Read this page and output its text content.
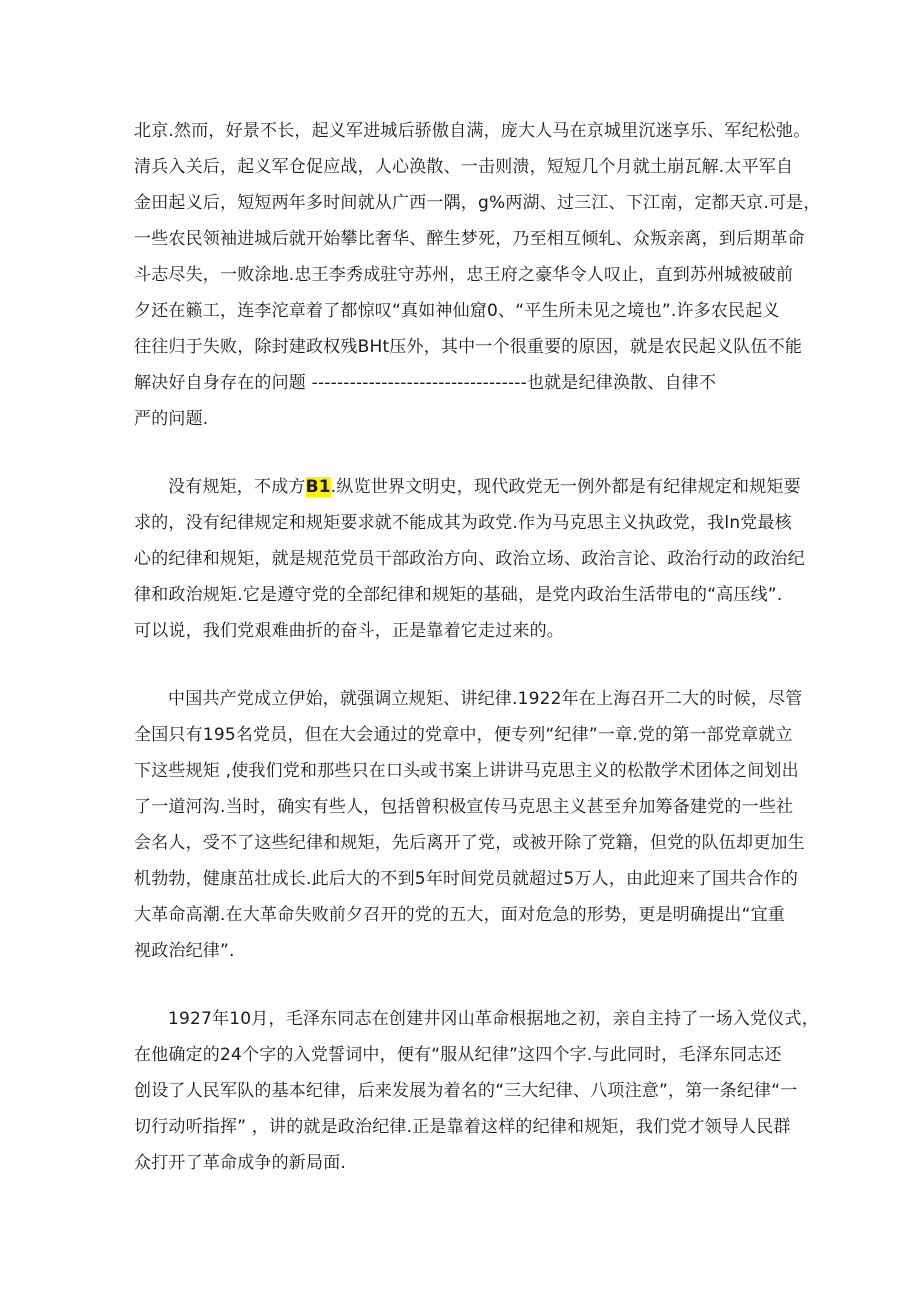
北京.然而，好景不长，起义军进城后骄傲自满，庞大人马在京城里沉迷享乐、军纪松弛。
清兵入关后，起义军仓促应战，人心涣散、一击则溃，短短几个月就土崩瓦解.太平军自
金田起义后，短短两年多时间就从广西一隅，g%两湖、过三江、下江南，定都天京.可是，
一些农民领袖进城后就开始攀比奢华、醉生梦死，乃至相互倾轧、众叛亲离，到后期革命
斗志尽失，一败涂地.忠王李秀成驻守苏州，忠王府之豪华令人叹止，直到苏州城被破前
夕还在籁工，连李沱章着了都惊叹“真如神仙窟0、“平生所未见之境也”.许多农民起义
往往归于失败，除封建政权残BHt压外，其中一个很重要的原因，就是农民起义队伍不能
解决好自身存在的问题 ----------------------------------也就是纪律涣散、自律不
严的问题.

没有规矩，不成方B1.纵览世界文明史，现代政党无一例外都是有纪律规定和规矩要
求的，没有纪律规定和规矩要求就不能成其为政党.作为马克思主义执政党，我ln党最核
心的纪律和规矩，就是规范党员干部政治方向、政治立场、政治言论、政治行动的政治纪
律和政治规矩.它是遵守党的全部纪律和规矩的基础，是党内政治生活带电的“高压线”.
可以说，我们党艰难曲折的奋斗，正是靠着它走过来的。

中国共产党成立伊始，就强调立规矩、讲纪律.1922年在上海召开二大的时候，尽管
全国只有195名党员，但在大会通过的党章中，便专列“纪律”一章.党的第一部党章就立
下这些规矩 ,使我们党和那些只在口头或书案上讲讲马克思主义的松散学术团体之间划出
了一道河沟.当时，确实有些人，包括曾积极宣传马克思主义甚至弁加筹备建党的一些社
会名人，受不了这些纪律和规矩，先后离开了党，或被开除了党籍，但党的队伍却更加生
机勃勃，健康茁壮成长.此后大的不到5年时间党员就超过5万人，由此迎来了国共合作的
大革命高潮.在大革命失败前夕召开的党的五大，面对危急的形势，更是明确提出“宜重
视政治纪律”.

1927年10月，毛泽东同志在创建井冈山革命根据地之初，亲自主持了一场入党仪式，
在他确定的24个字的入党誓词中，便有“服从纪律”这四个字.与此同时，毛泽东同志还
创设了人民军队的基本纪律，后来发展为着名的“三大纪律、八项注意”，第一条纪律“一
切行动听指挥” ，讲的就是政治纪律.正是靠着这样的纪律和规矩，我们党才领导人民群
众打开了革命成争的新局面.
